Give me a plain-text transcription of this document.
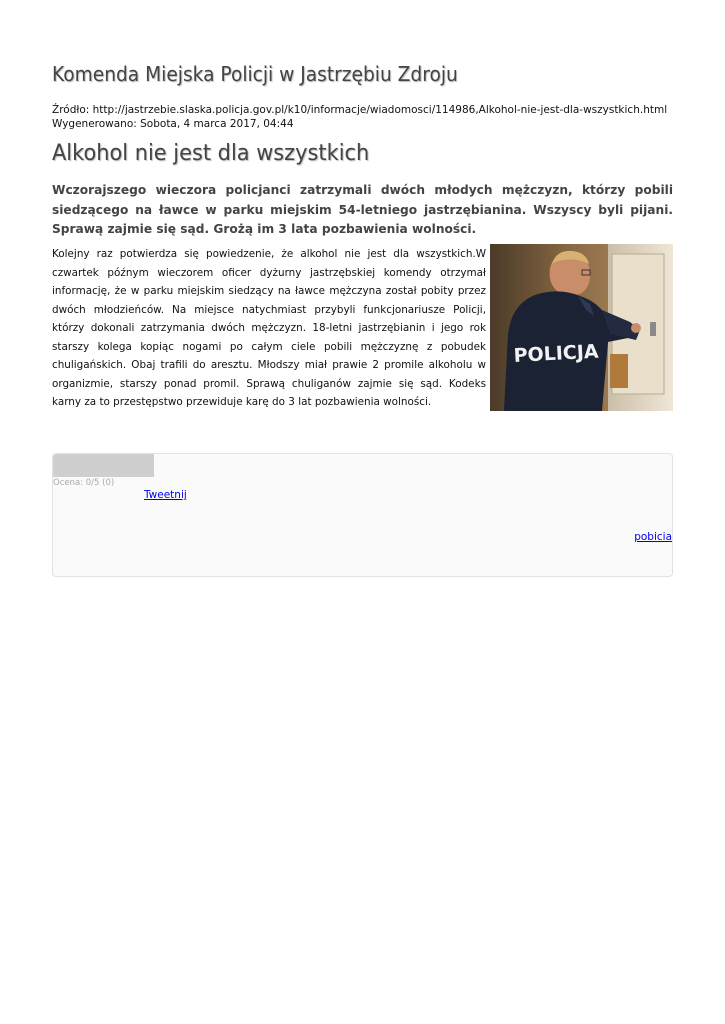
Komenda Miejska Policji w Jastrzębiu Zdroju
Źródło: http://jastrzebie.slaska.policja.gov.pl/k10/informacje/wiadomosci/114986,Alkohol-nie-jest-dla-wszystkich.html
Wygenerowano: Sobota, 4 marca 2017, 04:44
Alkohol nie jest dla wszystkich

Wczorajszego wieczora policjanci zatrzymali dwóch młodych mężczyzn, którzy pobili siedzącego na ławce w parku miejskim 54-letniego jastrzębianina. Wszyscy byli pijani. Sprawą zajmie się sąd. Grożą im 3 lata pozbawienia wolności.

POLICJA

Kolejny raz potwierdza się powiedzenie, że alkohol nie jest dla wszystkich.W czwartek późnym wieczorem oficer dyżurny jastrzębskiej komendy otrzymał informację, że w parku miejskim siedzący na ławce mężczyna został pobity przez dwóch młodzieńców. Na miejsce natychmiast przybyli funkcjonariusze Policji, którzy dokonali zatrzymania dwóch mężczyzn. 18-letni jastrzębianin i jego rok starszy kolega kopiąc nogami po całym ciele pobili mężczyznę z pobudek chuligańskich. Obaj trafili do aresztu. Młodszy miał prawie 2 promile alkoholu w organizmie, starszy ponad promil. Sprawą chuliganów zajmie się sąd. Kodeks karny za to przestępstwo przewiduje karę do 3 lat pozbawienia wolności.

Ocena: 0/5 (0)
Tweetnij
pobicia
